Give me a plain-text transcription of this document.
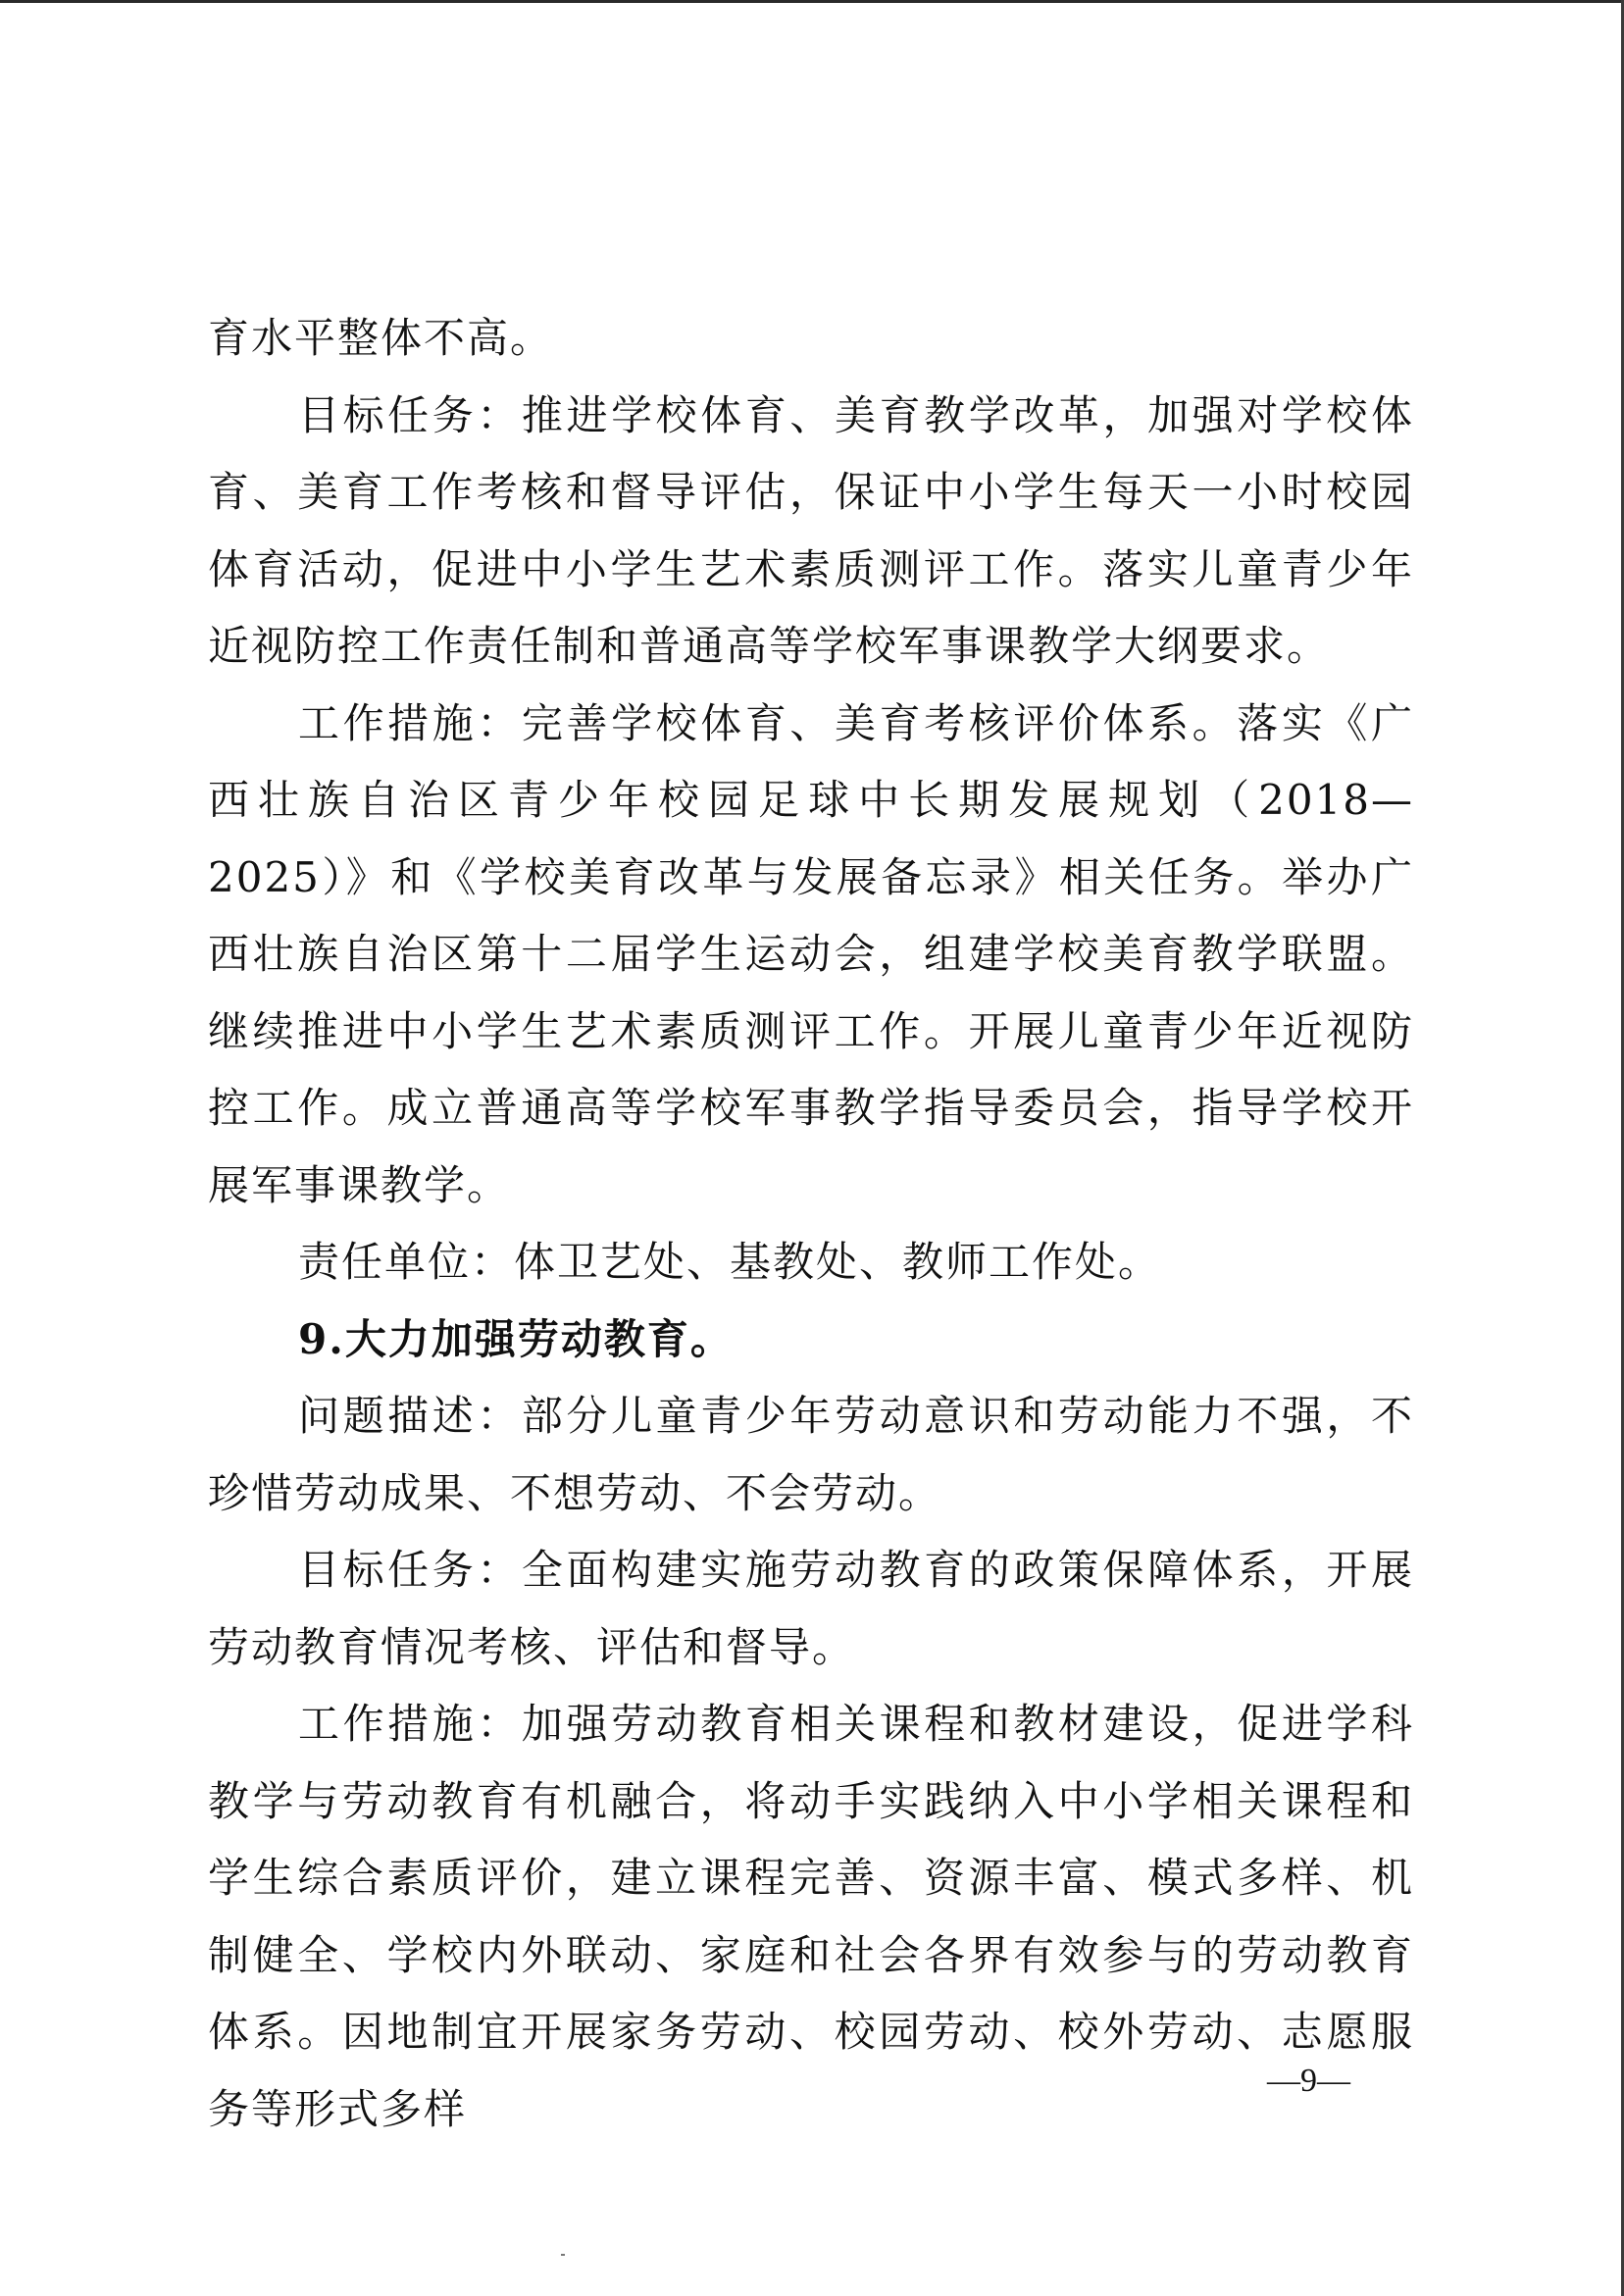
育水平整体不高。

目标任务：推进学校体育、美育教学改革，加强对学校体育、美育工作考核和督导评估，保证中小学生每天一小时校园体育活动，促进中小学生艺术素质测评工作。落实儿童青少年近视防控工作责任制和普通高等学校军事课教学大纲要求。

工作措施：完善学校体育、美育考核评价体系。落实《广西壮族自治区青少年校园足球中长期发展规划（2018—2025）》和《学校美育改革与发展备忘录》相关任务。举办广西壮族自治区第十二届学生运动会，组建学校美育教学联盟。继续推进中小学生艺术素质测评工作。开展儿童青少年近视防控工作。成立普通高等学校军事教学指导委员会，指导学校开展军事课教学。

责任单位：体卫艺处、基教处、教师工作处。

9.大力加强劳动教育。

问题描述：部分儿童青少年劳动意识和劳动能力不强，不珍惜劳动成果、不想劳动、不会劳动。

目标任务：全面构建实施劳动教育的政策保障体系，开展劳动教育情况考核、评估和督导。

工作措施：加强劳动教育相关课程和教材建设，促进学科教学与劳动教育有机融合，将动手实践纳入中小学相关课程和学生综合素质评价，建立课程完善、资源丰富、模式多样、机制健全、学校内外联动、家庭和社会各界有效参与的劳动教育体系。因地制宜开展家务劳动、校园劳动、校外劳动、志愿服务等形式多样

—9—
